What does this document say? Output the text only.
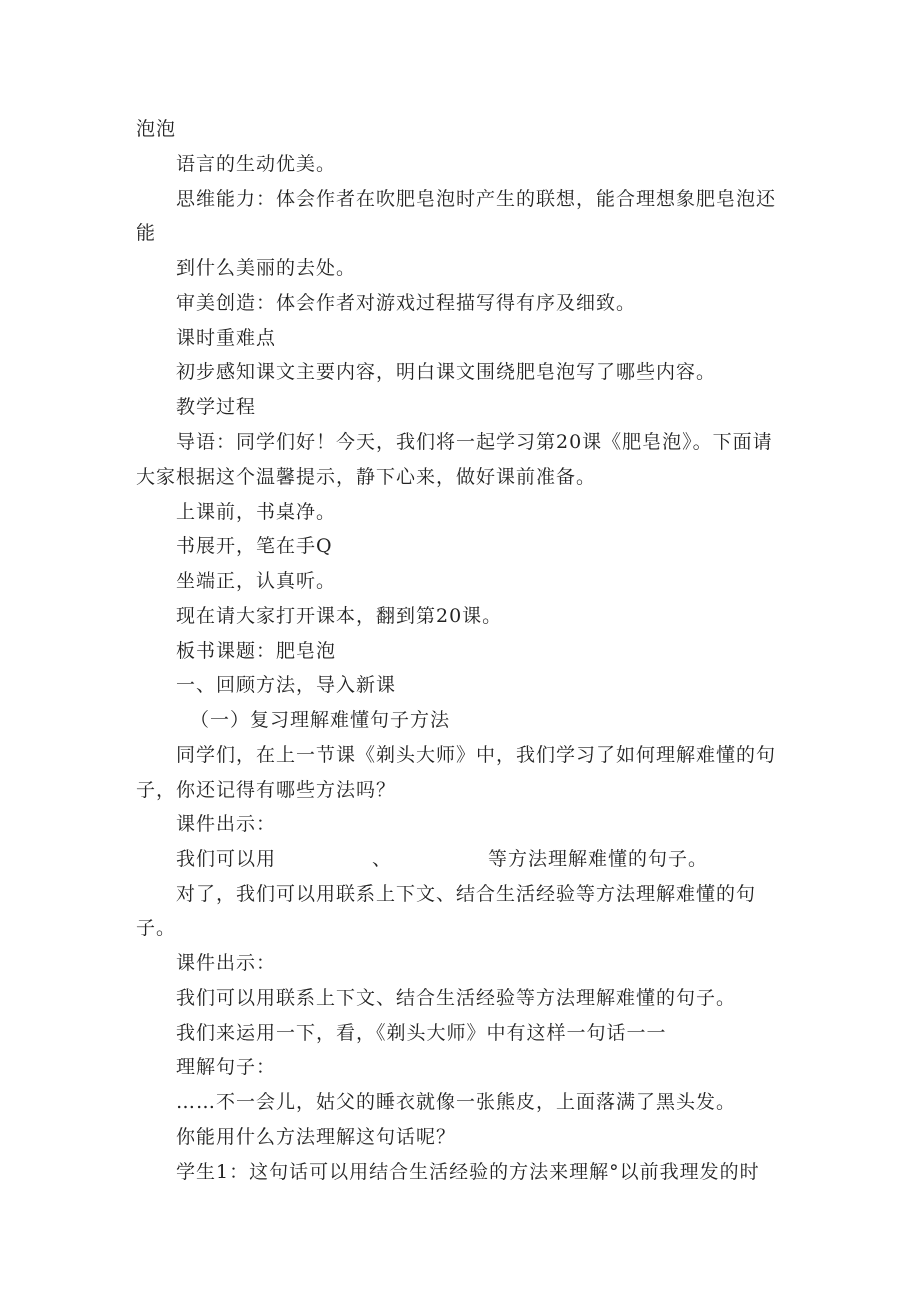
泡泡
语言的生动优美。
思维能力：体会作者在吹肥皂泡时产生的联想，能合理想象肥皂泡还
能
到什么美丽的去处。
审美创造：体会作者对游戏过程描写得有序及细致。
课时重难点
初步感知课文主要内容，明白课文围绕肥皂泡写了哪些内容。
教学过程
导语：同学们好！今天，我们将一起学习第20课《肥皂泡》。下面请
大家根据这个温馨提示，静下心来，做好课前准备。
上课前，书桌净。
书展开，笔在手Q
坐端正，认真听。
现在请大家打开课本，翻到第20课。
板书课题：肥皂泡
一、回顾方法，导入新课
（一）复习理解难懂句子方法
同学们，在上一节课《剃头大师》中，我们学习了如何理解难懂的句
子，你还记得有哪些方法吗？
课件出示：
我们可以用	、	等方法理解难懂的句子。
对了，我们可以用联系上下文、结合生活经验等方法理解难懂的句
子。
课件出示：
我们可以用联系上下文、结合生活经验等方法理解难懂的句子。
我们来运用一下，看，《剃头大师》中有这样一句话一一
理解句子：
……不一会儿，姑父的睡衣就像一张熊皮，上面落满了黑头发。
你能用什么方法理解这句话呢？
学生1：这句话可以用结合生活经验的方法来理解°以前我理发的时
